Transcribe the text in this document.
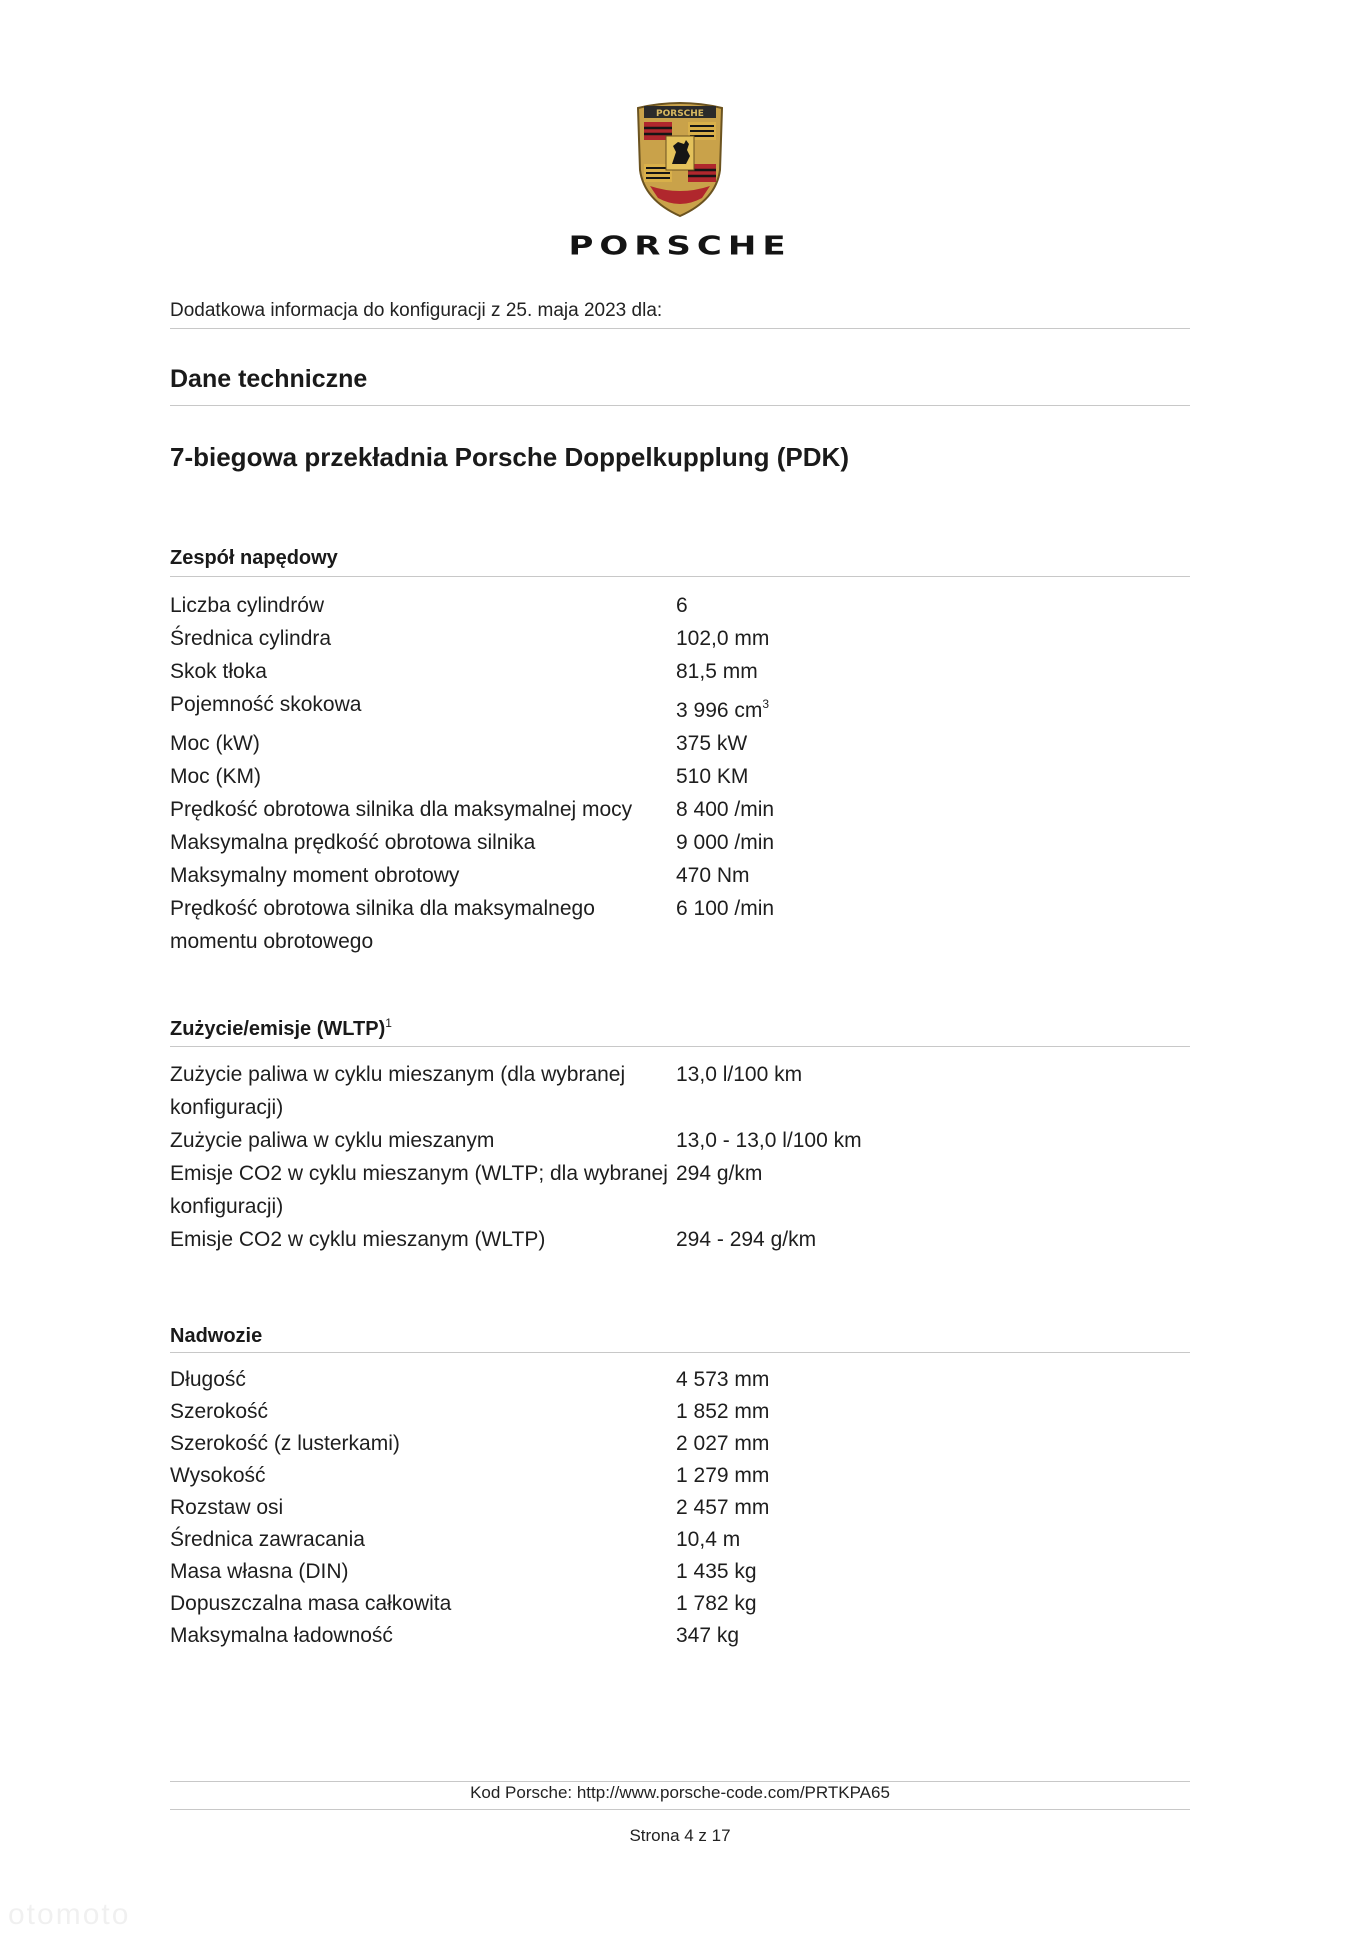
PORSCHE
PORSCHE
Dodatkowa informacja do konfiguracji z 25. maja 2023 dla:
Dane techniczne
7-biegowa przekładnia Porsche Doppelkupplung (PDK)
Zespół napędowy
Liczba cylindrów	6
Średnica cylindra	102,0 mm
Skok tłoka	81,5 mm
Pojemność skokowa	3 996 $cm^3$
Moc (kW)	375 kW
Moc (KM)	510 KM
Prędkość obrotowa silnika dla maksymalnej mocy	8 400 /min
Maksymalna prędkość obrotowa silnika	9 000 /min
Maksymalny moment obrotowy	470 Nm
Prędkość obrotowa silnika dla maksymalnego momentu obrotowego	6 100 /min
Zużycie/emisje (WLTP)$^1$
Zużycie paliwa w cyklu mieszanym (dla wybranej konfiguracji)	13,0 l/100 km
Zużycie paliwa w cyklu mieszanym	13,0 - 13,0 l/100 km
Emisje CO2 w cyklu mieszanym (WLTP; dla wybranej konfiguracji)	294 g/km
Emisje CO2 w cyklu mieszanym (WLTP)	294 - 294 g/km
Nadwozie
Długość	4 573 mm
Szerokość	1 852 mm
Szerokość (z lusterkami)	2 027 mm
Wysokość	1 279 mm
Rozstaw osi	2 457 mm
Średnica zawracania	10,4 m
Masa własna (DIN)	1 435 kg
Dopuszczalna masa całkowita	1 782 kg
Maksymalna ładowność	347 kg
Kod Porsche: http://www.porsche-code.com/PRTKPA65
Strona 4 z 17
otomoto
